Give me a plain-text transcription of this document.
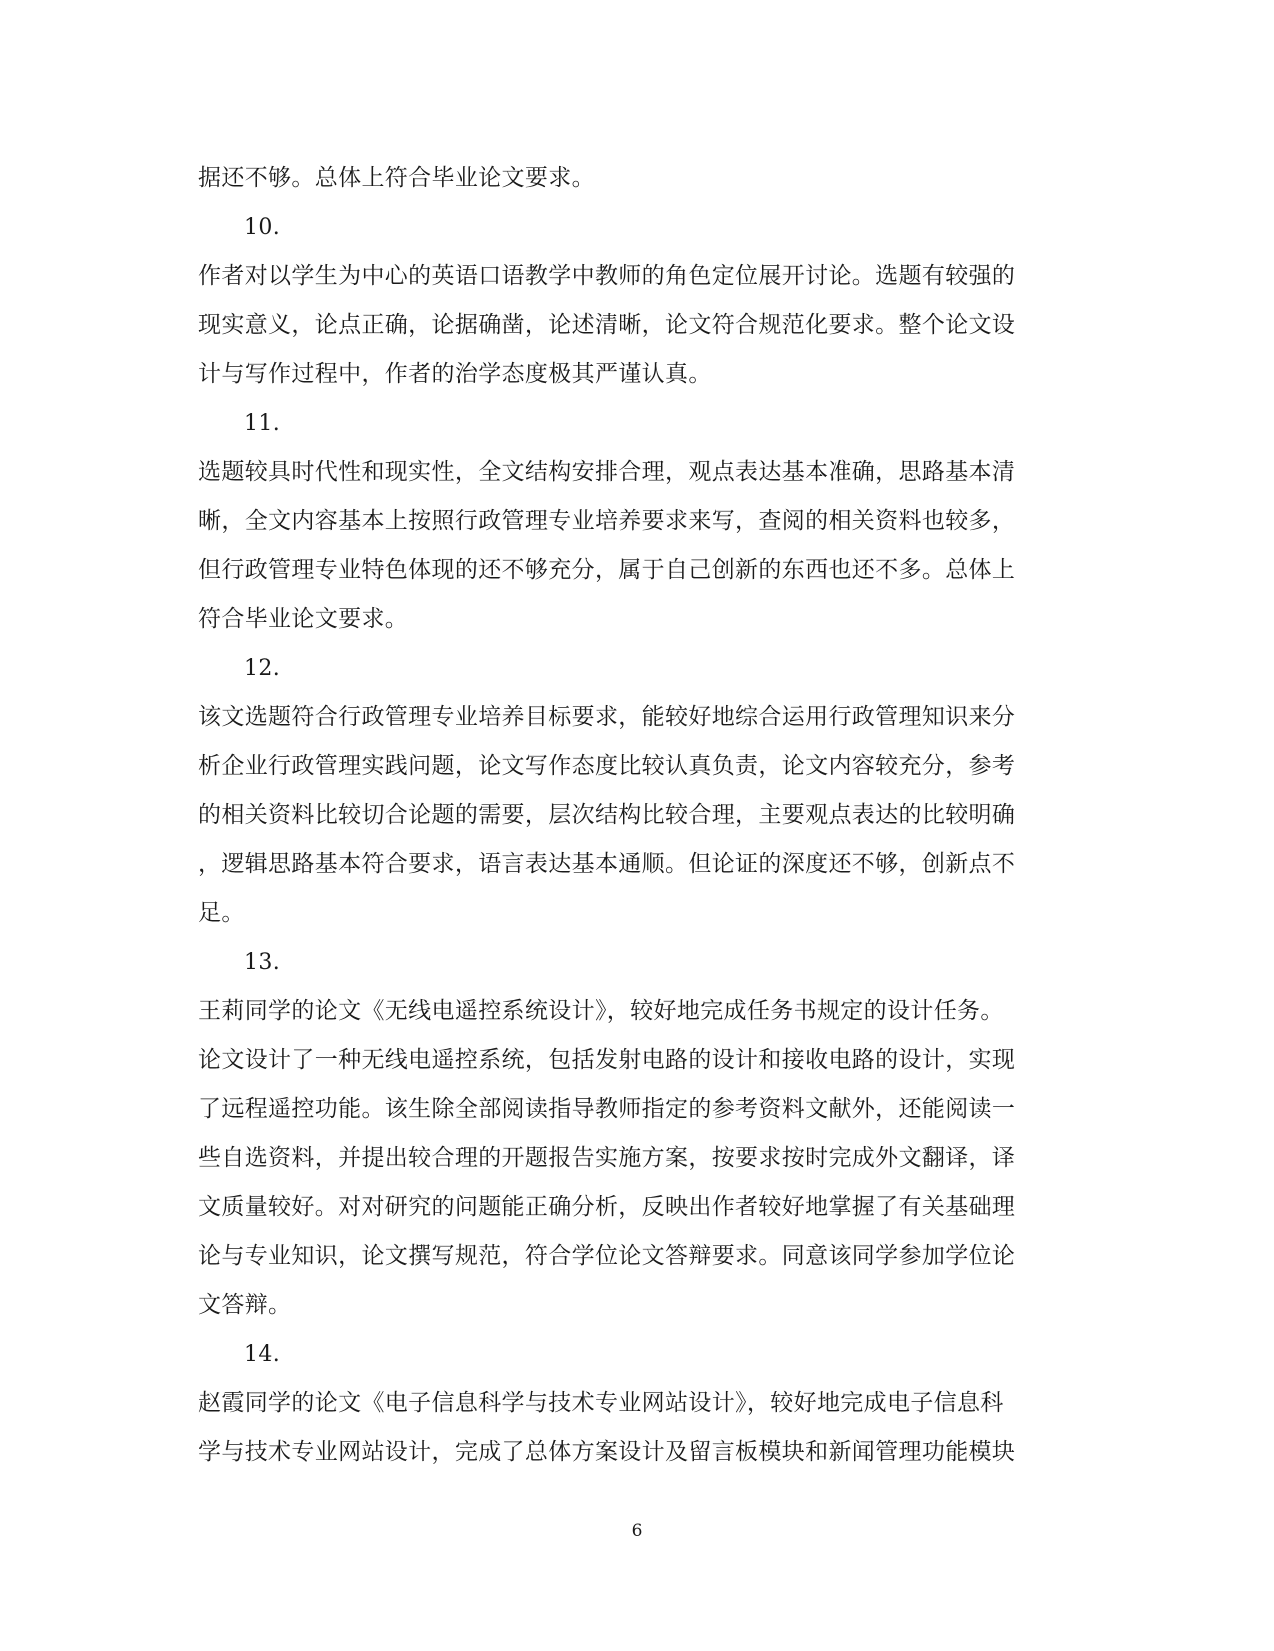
据还不够。总体上符合毕业论文要求。
10.
作者对以学生为中心的英语口语教学中教师的角色定位展开讨论。选题有较强的
现实意义，论点正确，论据确凿，论述清晰，论文符合规范化要求。整个论文设
计与写作过程中，作者的治学态度极其严谨认真。
11.
选题较具时代性和现实性，全文结构安排合理，观点表达基本准确，思路基本清
晰，全文内容基本上按照行政管理专业培养要求来写，查阅的相关资料也较多，
但行政管理专业特色体现的还不够充分，属于自己创新的东西也还不多。总体上
符合毕业论文要求。
12.
该文选题符合行政管理专业培养目标要求，能较好地综合运用行政管理知识来分
析企业行政管理实践问题，论文写作态度比较认真负责，论文内容较充分，参考
的相关资料比较切合论题的需要，层次结构比较合理，主要观点表达的比较明确
，逻辑思路基本符合要求，语言表达基本通顺。但论证的深度还不够，创新点不
足。
13.
王莉同学的论文《无线电遥控系统设计》，较好地完成任务书规定的设计任务。
论文设计了一种无线电遥控系统，包括发射电路的设计和接收电路的设计，实现
了远程遥控功能。该生除全部阅读指导教师指定的参考资料文献外，还能阅读一
些自选资料，并提出较合理的开题报告实施方案，按要求按时完成外文翻译，译
文质量较好。对对研究的问题能正确分析，反映出作者较好地掌握了有关基础理
论与专业知识，论文撰写规范，符合学位论文答辩要求。同意该同学参加学位论
文答辩。
14.
赵霞同学的论文《电子信息科学与技术专业网站设计》，较好地完成电子信息科
学与技术专业网站设计，完成了总体方案设计及留言板模块和新闻管理功能模块
6
